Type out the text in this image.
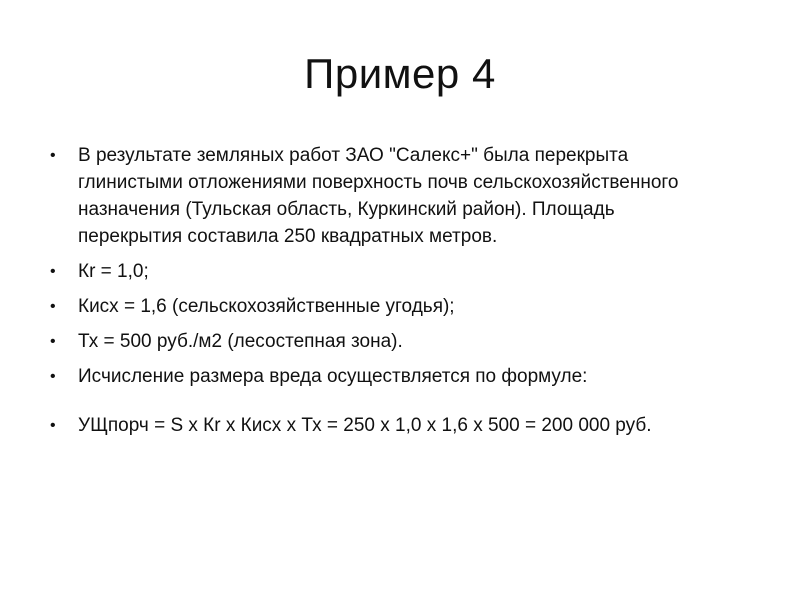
Пример 4
• В результате земляных работ ЗАО "Салекс+" была перекрыта глинистыми отложениями поверхность почв сельскохозяйственного назначения (Тульская область, Куркинский район). Площадь перекрытия составила 250 квадратных метров.
• Кr = 1,0;
• Кисх = 1,6 (сельскохозяйственные угодья);
• Тх = 500 руб./м2 (лесостепная зона).
• Исчисление размера вреда осуществляется по формуле:
• УЩпорч = S x Кr x Кисх x Тх = 250 x 1,0 x 1,6 x 500 = 200 000 руб.
